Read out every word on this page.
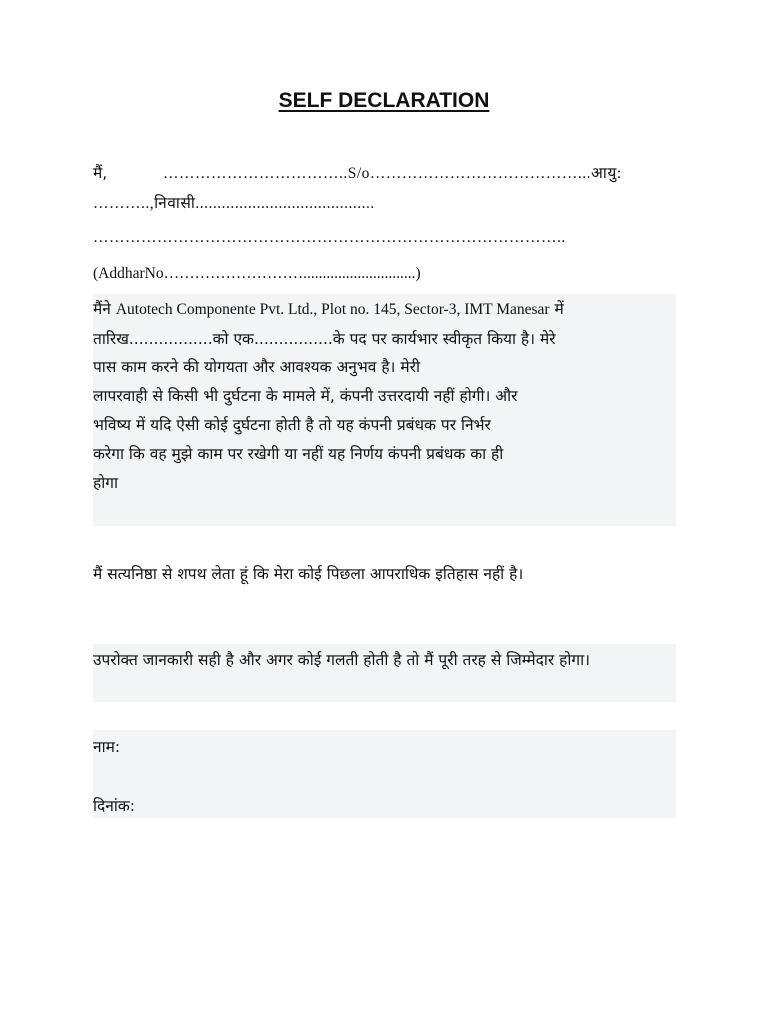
SELF DECLARATION
मैं,	……………………………..S/o…………………………………...आयु:
………..,निवासी.........................................
……………………………………………………………………………..
(AddharNo……………………….............................)
मैंने Autotech Componente Pvt. Ltd., Plot no. 145, Sector-3, IMT Manesar में
तारिख.................को एक................के पद पर कार्यभार स्वीकृत किया है। मेरे
पास काम करने की योगयता और आवश्यक अनुभव है। मेरी
लापरवाही से किसी भी दुर्घटना के मामले में, कंपनी उत्तरदायी नहीं होगी। और
भविष्य में यदि ऐसी कोई दुर्घटना होती है तो यह कंपनी प्रबंधक पर निर्भर
करेगा कि वह मुझे काम पर रखेगी या नहीं यह निर्णय कंपनी प्रबंधक का ही
होगा
मैं सत्यनिष्ठा से शपथ लेता हूं कि मेरा कोई पिछला आपराधिक इतिहास नहीं है।
उपरोक्त जानकारी सही है और अगर कोई गलती होती है तो मैं पूरी तरह से जिम्मेदार होगा।
नाम:
दिनांक:
